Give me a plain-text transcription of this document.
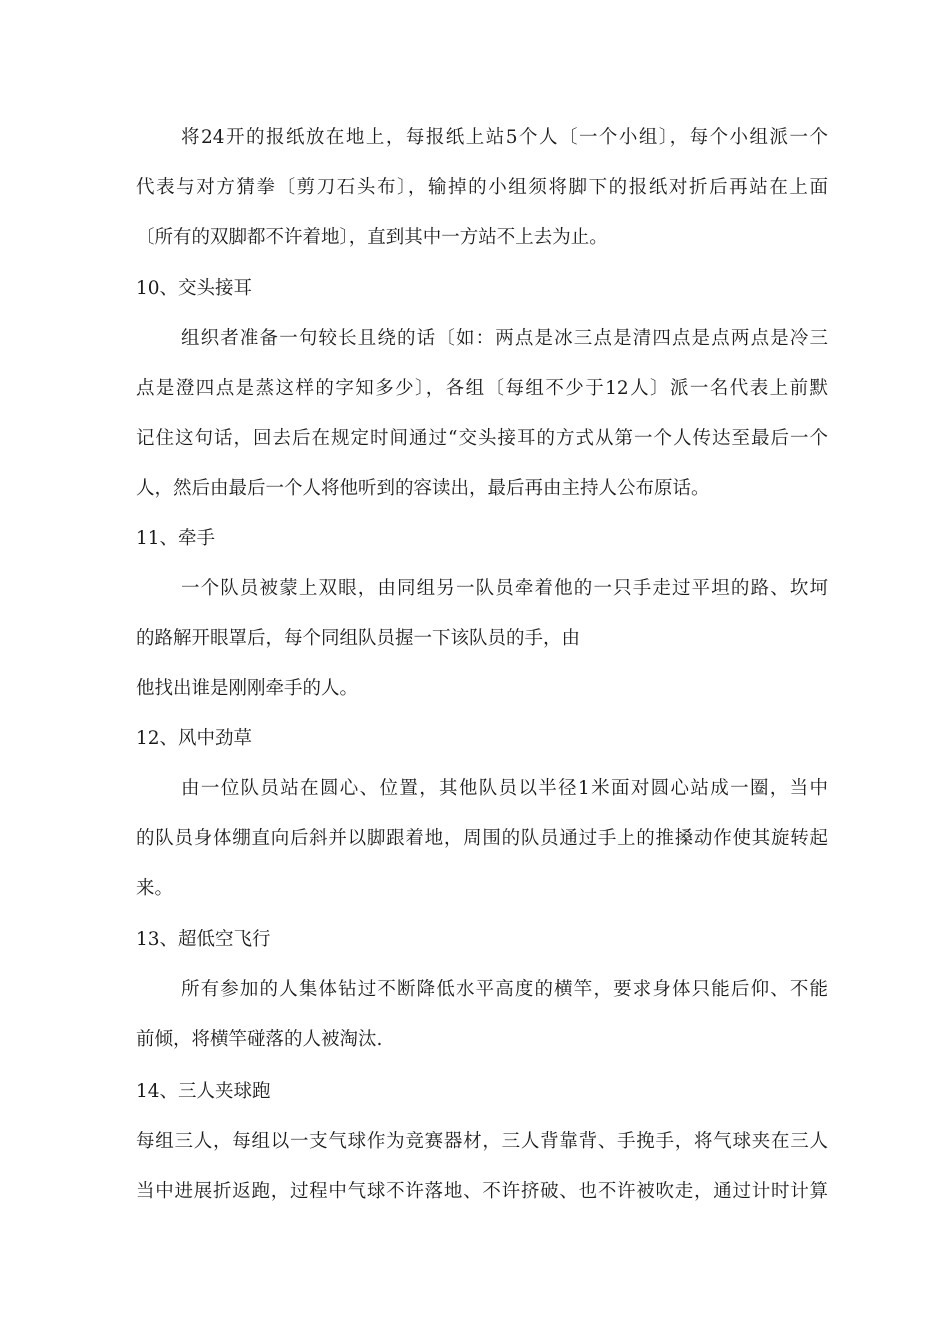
将24开的报纸放在地上，每报纸上站5个人〔一个小组〕，每个小组派一个
代表与对方猜拳〔剪刀石头布〕，输掉的小组须将脚下的报纸对折后再站在上面
〔所有的双脚都不许着地〕，直到其中一方站不上去为止。
10、交头接耳
组织者准备一句较长且绕的话〔如：两点是冰三点是清四点是点两点是冷三
点是澄四点是蒸这样的字知多少〕，各组〔每组不少于12人〕派一名代表上前默
记住这句话，回去后在规定时间通过“交头接耳的方式从第一个人传达至最后一个
人，然后由最后一个人将他听到的容读出，最后再由主持人公布原话。
11、牵手
一个队员被蒙上双眼，由同组另一队员牵着他的一只手走过平坦的路、坎坷
的路解开眼罩后，每个同组队员握一下该队员的手，由
他找出谁是刚刚牵手的人。
12、风中劲草
由一位队员站在圆心、位置，其他队员以半径1米面对圆心站成一圈，当中
的队员身体绷直向后斜并以脚跟着地，周围的队员通过手上的推搡动作使其旋转起
来。
13、超低空飞行
所有参加的人集体钻过不断降低水平高度的横竿，要求身体只能后仰、不能
前倾，将横竿碰落的人被淘汰.
14、三人夹球跑
每组三人，每组以一支气球作为竞赛器材，三人背靠背、手挽手，将气球夹在三人
当中进展折返跑，过程中气球不许落地、不许挤破、也不许被吹走，通过计时计算
